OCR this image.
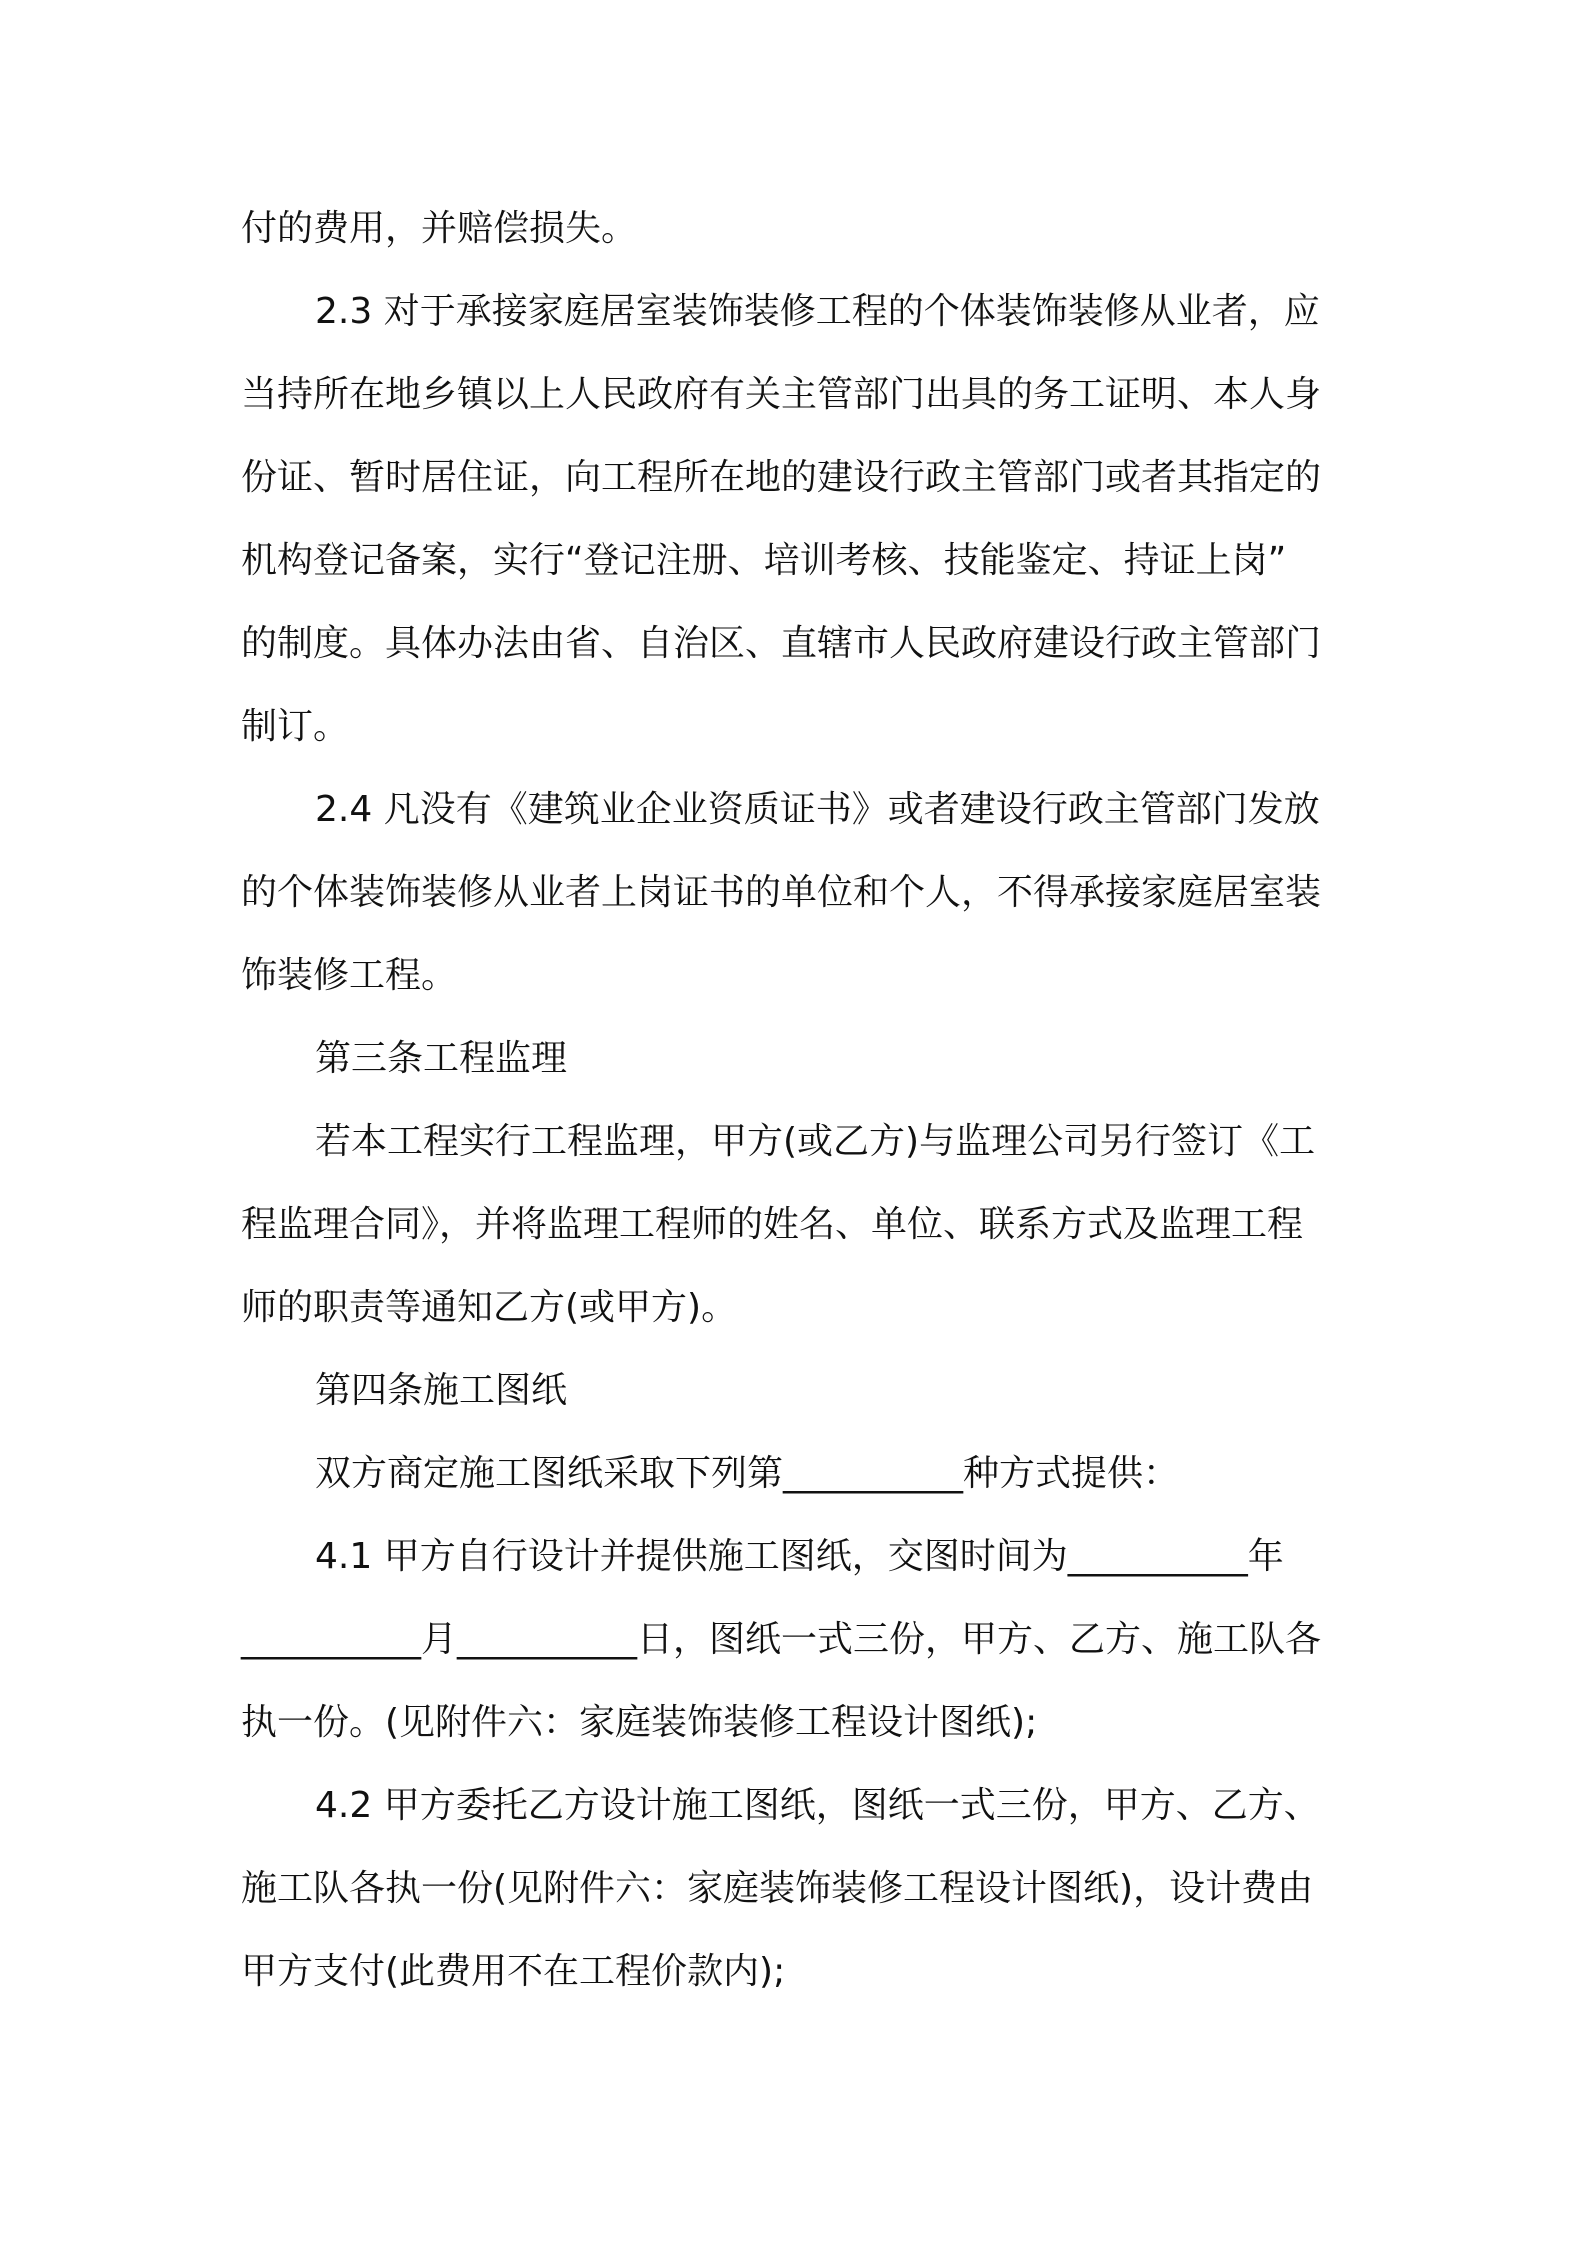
付的费用，并赔偿损失。
2.3 对于承接家庭居室装饰装修工程的个体装饰装修从业者，应
当持所在地乡镇以上人民政府有关主管部门出具的务工证明、本人身
份证、暂时居住证，向工程所在地的建设行政主管部门或者其指定的
机构登记备案，实行“登记注册、培训考核、技能鉴定、持证上岗”
的制度。具体办法由省、自治区、直辖市人民政府建设行政主管部门
制订。
2.4 凡没有《建筑业企业资质证书》或者建设行政主管部门发放
的个体装饰装修从业者上岗证书的单位和个人，不得承接家庭居室装
饰装修工程。
第三条工程监理
若本工程实行工程监理，甲方(或乙方)与监理公司另行签订《工
程监理合同》，并将监理工程师的姓名、单位、联系方式及监理工程
师的职责等通知乙方(或甲方)。
第四条施工图纸
双方商定施工图纸采取下列第__________种方式提供：
4.1 甲方自行设计并提供施工图纸，交图时间为__________年
__________月__________日，图纸一式三份，甲方、乙方、施工队各
执一份。(见附件六：家庭装饰装修工程设计图纸);
4.2 甲方委托乙方设计施工图纸，图纸一式三份，甲方、乙方、
施工队各执一份(见附件六：家庭装饰装修工程设计图纸)，设计费由
甲方支付(此费用不在工程价款内);
